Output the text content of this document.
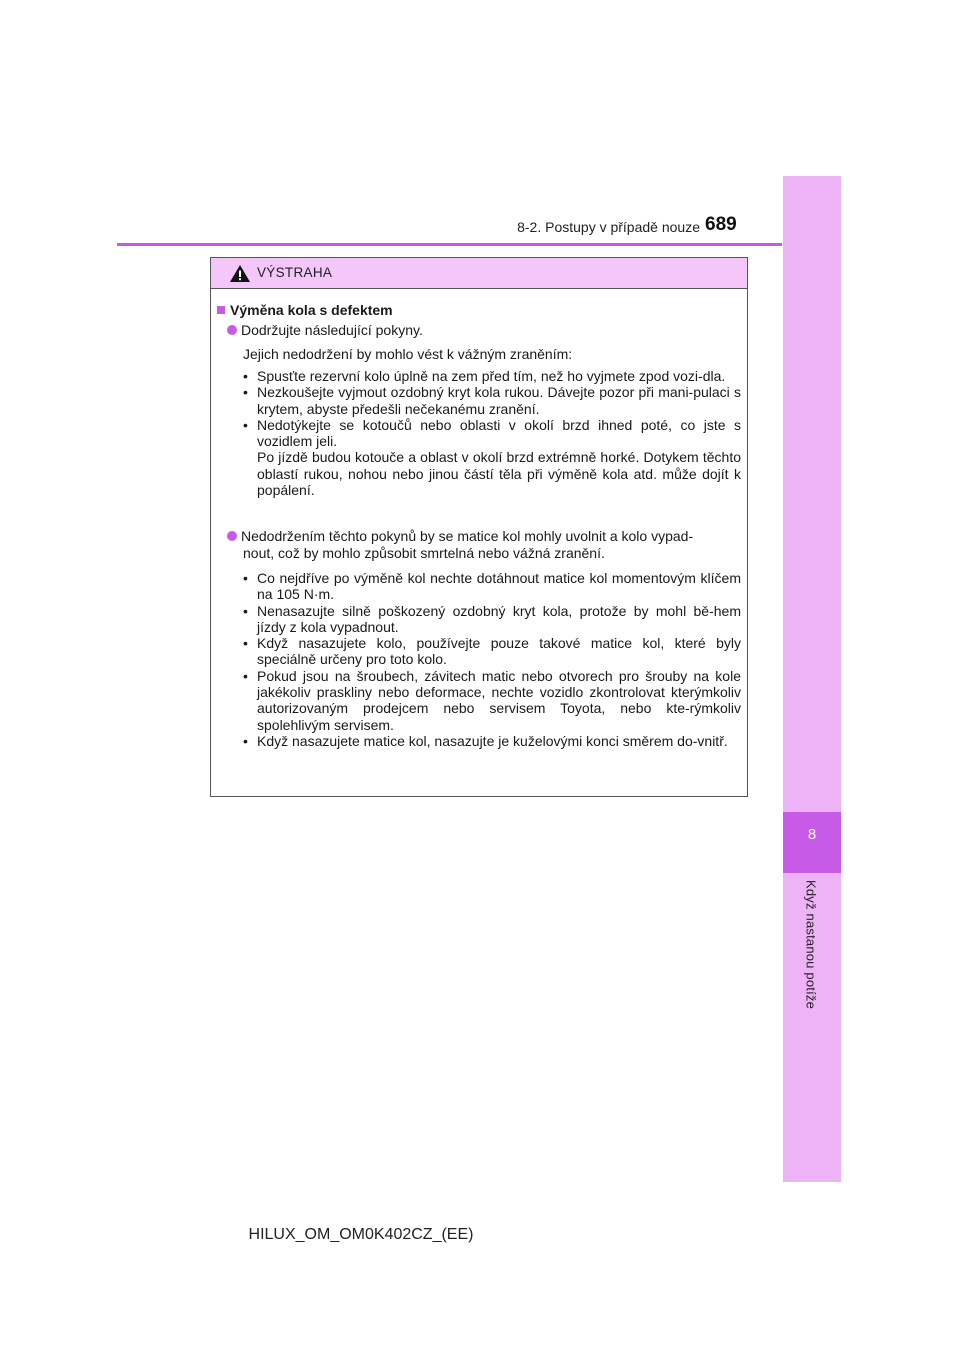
8
Když nastanou potíže
8-2. Postupy v případě nouze 689
VÝSTRAHA
Výměna kola s defektem
Dodržujte následující pokyny.
Jejich nedodržení by mohlo vést k vážným zraněním:
• Spusťte rezervní kolo úplně na zem před tím, než ho vyjmete zpod vozi-dla.
• Nezkoušejte vyjmout ozdobný kryt kola rukou. Dávejte pozor při mani-pulaci s krytem, abyste předešli nečekanému zranění.
• Nedotýkejte se kotoučů nebo oblasti v okolí brzd ihned poté, co jste s vozidlem jeli.
Po jízdě budou kotouče a oblast v okolí brzd extrémně horké. Dotykem těchto oblastí rukou, nohou nebo jinou částí těla při výměně kola atd. může dojít k popálení.
Nedodržením těchto pokynů by se matice kol mohly uvolnit a kolo vypad-
nout, což by mohlo způsobit smrtelná nebo vážná zranění.
• Co nejdříve po výměně kol nechte dotáhnout matice kol momentovým klíčem na 105 N·m.
• Nenasazujte silně poškozený ozdobný kryt kola, protože by mohl bě-hem jízdy z kola vypadnout.
• Když nasazujete kolo, používejte pouze takové matice kol, které byly speciálně určeny pro toto kolo.
• Pokud jsou na šroubech, závitech matic nebo otvorech pro šrouby na kole jakékoliv praskliny nebo deformace, nechte vozidlo zkontrolovat kterýmkoliv autorizovaným prodejcem nebo servisem Toyota, nebo kte-rýmkoliv spolehlivým servisem.
• Když nasazujete matice kol, nasazujte je kuželovými konci směrem do-vnitř.
HILUX_OM_OM0K402CZ_(EE)
